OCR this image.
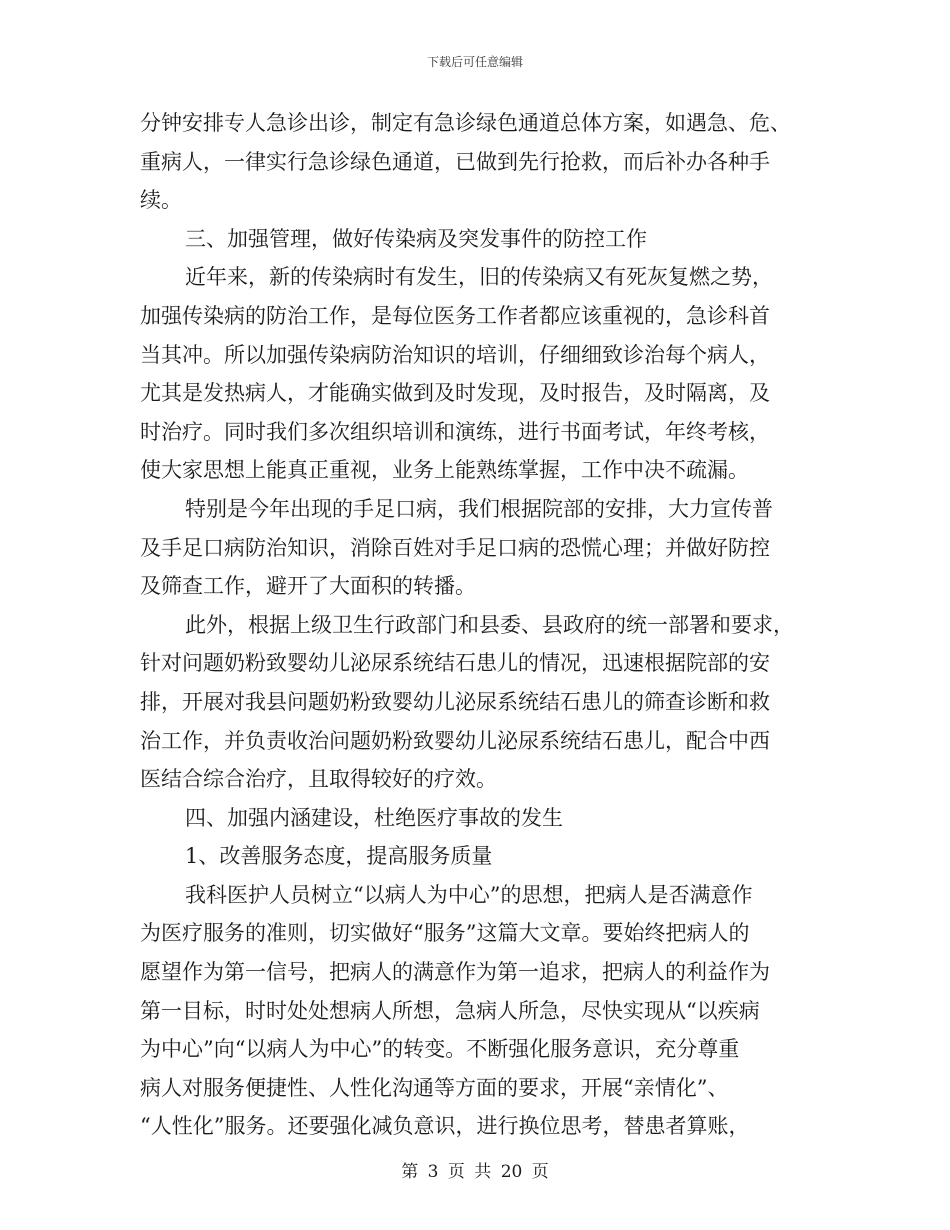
下载后可任意编辑
分钟安排专人急诊出诊，制定有急诊绿色通道总体方案，如遇急、危、
重病人，一律实行急诊绿色通道，已做到先行抢救，而后补办各种手
续。
三、加强管理，做好传染病及突发事件的防控工作
近年来，新的传染病时有发生，旧的传染病又有死灰复燃之势，
加强传染病的防治工作，是每位医务工作者都应该重视的，急诊科首
当其冲。所以加强传染病防治知识的培训，仔细细致诊治每个病人，
尤其是发热病人，才能确实做到及时发现，及时报告，及时隔离，及
时治疗。同时我们多次组织培训和演练，进行书面考试，年终考核，
使大家思想上能真正重视，业务上能熟练掌握，工作中决不疏漏。
特别是今年出现的手足口病，我们根据院部的安排，大力宣传普
及手足口病防治知识，消除百姓对手足口病的恐慌心理；并做好防控
及筛查工作，避开了大面积的转播。
此外，根据上级卫生行政部门和县委、县政府的统一部署和要求，
针对问题奶粉致婴幼儿泌尿系统结石患儿的情况，迅速根据院部的安
排，开展对我县问题奶粉致婴幼儿泌尿系统结石患儿的筛查诊断和救
治工作，并负责收治问题奶粉致婴幼儿泌尿系统结石患儿，配合中西
医结合综合治疗，且取得较好的疗效。
四、加强内涵建设，杜绝医疗事故的发生
1、改善服务态度，提高服务质量
我科医护人员树立“以病人为中心”的思想，把病人是否满意作
为医疗服务的准则，切实做好“服务”这篇大文章。要始终把病人的
愿望作为第一信号，把病人的满意作为第一追求，把病人的利益作为
第一目标，时时处处想病人所想，急病人所急，尽快实现从“以疾病
为中心”向“以病人为中心”的转变。不断强化服务意识，充分尊重
病人对服务便捷性、人性化沟通等方面的要求，开展“亲情化”、
“人性化”服务。还要强化减负意识，进行换位思考，替患者算账，
第 3 页 共 20 页
